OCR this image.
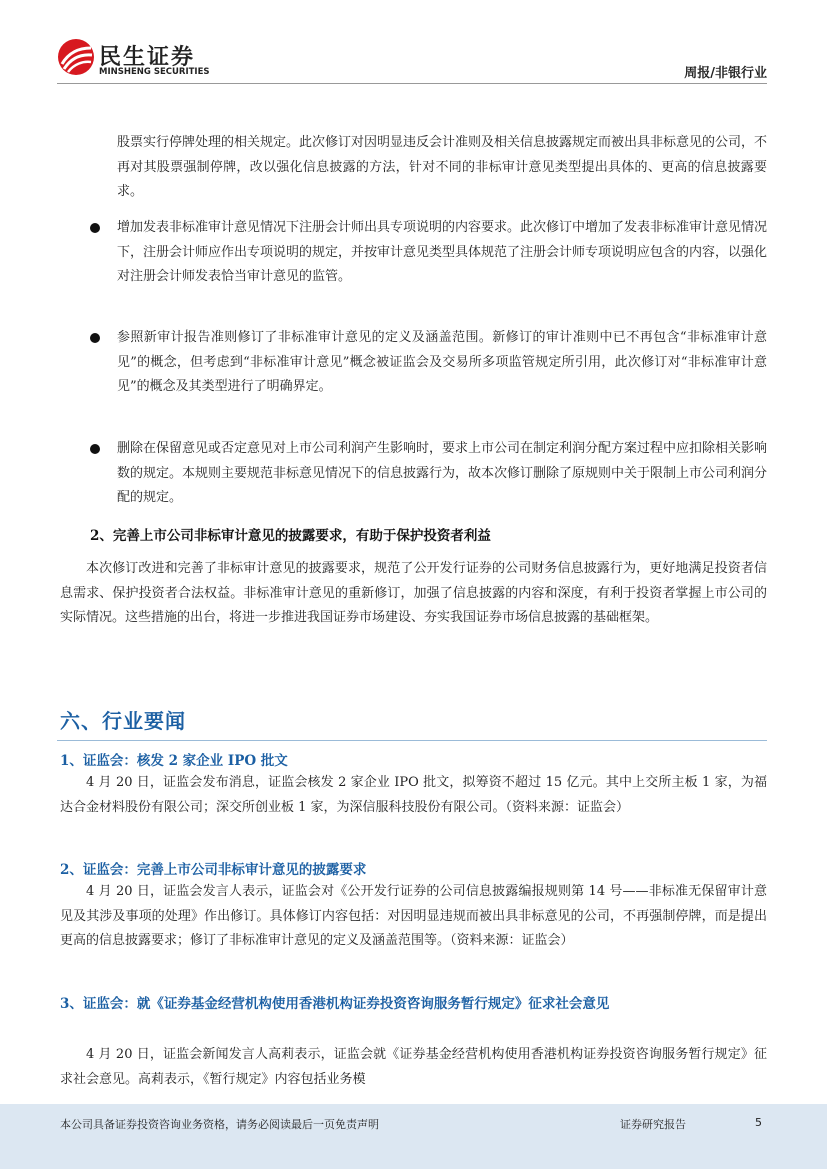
民生证券
MINSHENG SECURITIES	周报/非银行业
股票实行停牌处理的相关规定。此次修订对因明显违反会计准则及相关信息披露规定而被出具非标意见的公司，不再对其股票强制停牌，改以强化信息披露的方法，针对不同的非标审计意见类型提出具体的、更高的信息披露要求。
增加发表非标准审计意见情况下注册会计师出具专项说明的内容要求。此次修订中增加了发表非标准审计意见情况下，注册会计师应作出专项说明的规定，并按审计意见类型具体规范了注册会计师专项说明应包含的内容，以强化对注册会计师发表恰当审计意见的监管。
参照新审计报告准则修订了非标准审计意见的定义及涵盖范围。新修订的审计准则中已不再包含“非标准审计意见”的概念，但考虑到“非标准审计意见”概念被证监会及交易所多项监管规定所引用，此次修订对“非标准审计意见”的概念及其类型进行了明确界定。
删除在保留意见或否定意见对上市公司利润产生影响时，要求上市公司在制定利润分配方案过程中应扣除相关影响数的规定。本规则主要规范非标意见情况下的信息披露行为，故本次修订删除了原规则中关于限制上市公司利润分配的规定。
2、完善上市公司非标审计意见的披露要求，有助于保护投资者利益
本次修订改进和完善了非标审计意见的披露要求，规范了公开发行证券的公司财务信息披露行为，更好地满足投资者信息需求、保护投资者合法权益。非标准审计意见的重新修订，加强了信息披露的内容和深度，有利于投资者掌握上市公司的实际情况。这些措施的出台，将进一步推进我国证券市场建设、夯实我国证券市场信息披露的基础框架。
六、行业要闻
1、证监会：核发 2 家企业 IPO 批文
4 月 20 日，证监会发布消息，证监会核发 2 家企业 IPO 批文，拟筹资不超过 15 亿元。其中上交所主板 1 家，为福达合金材料股份有限公司；深交所创业板 1 家，为深信服科技股份有限公司。（资料来源：证监会）
2、证监会：完善上市公司非标审计意见的披露要求
4 月 20 日，证监会发言人表示，证监会对《公开发行证券的公司信息披露编报规则第 14 号——非标准无保留审计意见及其涉及事项的处理》作出修订。具体修订内容包括：对因明显违规而被出具非标意见的公司，不再强制停牌，而是提出更高的信息披露要求；修订了非标准审计意见的定义及涵盖范围等。（资料来源：证监会）
3、证监会：就《证券基金经营机构使用香港机构证券投资咨询服务暂行规定》征求社会意见
4 月 20 日，证监会新闻发言人高莉表示，证监会就《证券基金经营机构使用香港机构证券投资咨询服务暂行规定》征求社会意见。高莉表示，《暂行规定》内容包括业务模
本公司具备证券投资咨询业务资格，请务必阅读最后一页免责声明	证券研究报告	5
